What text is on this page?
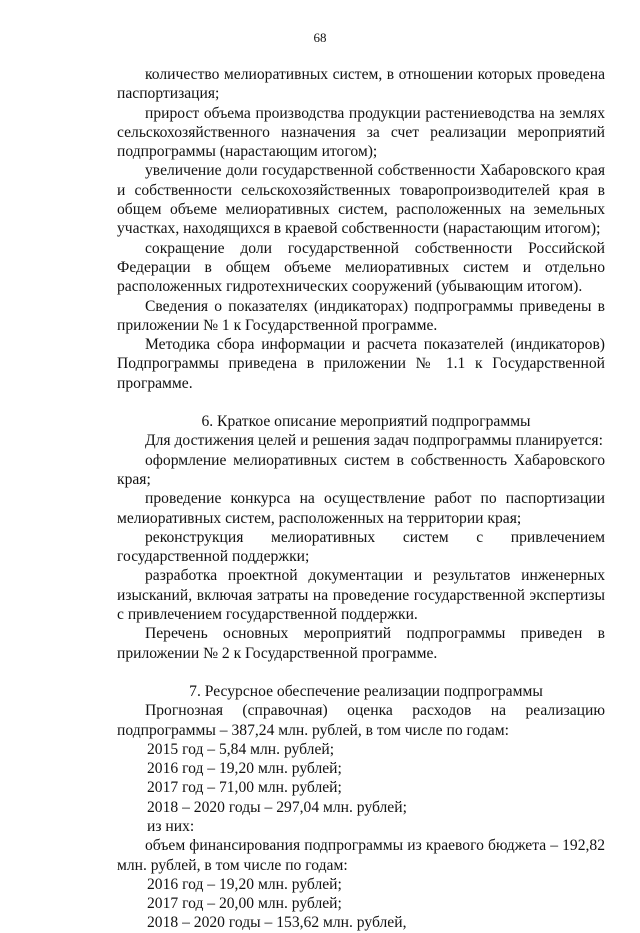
68

количество мелиоративных систем, в отношении которых проведена паспортизация;

прирост объема производства продукции растениеводства на землях сельскохозяйственного назначения за счет реализации мероприятий подпрограммы (нарастающим итогом);

увеличение доли государственной собственности Хабаровского края и собственности сельскохозяйственных товаропроизводителей края в общем объеме мелиоративных систем, расположенных на земельных участках, находящихся в краевой собственности (нарастающим итогом);

сокращение доли государственной собственности Российской Федерации в общем объеме мелиоративных систем и отдельно расположенных гидротехнических сооружений (убывающим итогом).

Сведения о показателях (индикаторах) подпрограммы приведены в приложении № 1 к Государственной программе.

Методика сбора информации и расчета показателей (индикаторов) Подпрограммы приведена в приложении № 1.1 к Государственной программе.

6. Краткое описание мероприятий подпрограммы

Для достижения целей и решения задач подпрограммы планируется:

оформление мелиоративных систем в собственность Хабаровского края;

проведение конкурса на осуществление работ по паспортизации мелиоративных систем, расположенных на территории края;

реконструкция мелиоративных систем с привлечением государственной поддержки;

разработка проектной документации и результатов инженерных изысканий, включая затраты на проведение государственной экспертизы с привлечением государственной поддержки.

Перечень основных мероприятий подпрограммы приведен в приложении № 2 к Государственной программе.

7. Ресурсное обеспечение реализации подпрограммы

Прогнозная (справочная) оценка расходов на реализацию подпрограммы – 387,24 млн. рублей, в том числе по годам:

2015 год – 5,84 млн. рублей;

2016 год – 19,20 млн. рублей;

2017 год – 71,00 млн. рублей;

2018 – 2020 годы – 297,04 млн. рублей;

из них:

объем финансирования подпрограммы из краевого бюджета – 192,82 млн. рублей, в том числе по годам:

2016 год – 19,20 млн. рублей;

2017 год – 20,00 млн. рублей;

2018 – 2020 годы – 153,62 млн. рублей,
